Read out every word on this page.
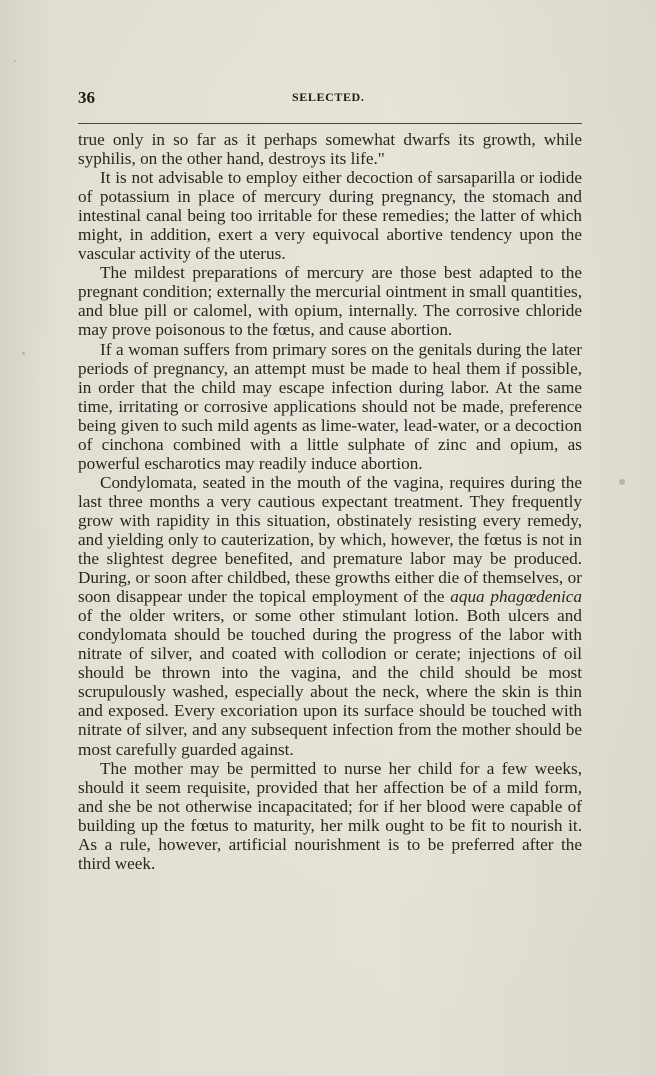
36	SELECTED.

true only in so far as it perhaps somewhat dwarfs its growth, while syphilis, on the other hand, destroys its life."

It is not advisable to employ either decoction of sarsaparilla or iodide of potassium in place of mercury during pregnancy, the stomach and intestinal canal being too irritable for these remedies; the latter of which might, in addition, exert a very equivocal abortive tendency upon the vascular activity of the uterus.

The mildest preparations of mercury are those best adapted to the pregnant condition; externally the mercurial ointment in small quantities, and blue pill or calomel, with opium, internally. The corrosive chloride may prove poisonous to the fœtus, and cause abortion.

If a woman suffers from primary sores on the genitals during the later periods of pregnancy, an attempt must be made to heal them if possible, in order that the child may escape infection during labor. At the same time, irritating or corrosive applications should not be made, preference being given to such mild agents as lime-water, lead-water, or a decoction of cinchona combined with a little sulphate of zinc and opium, as powerful escharotics may readily induce abortion.

Condylomata, seated in the mouth of the vagina, requires during the last three months a very cautious expectant treatment. They frequently grow with rapidity in this situation, obstinately resisting every remedy, and yielding only to cauterization, by which, however, the fœtus is not in the slightest degree benefited, and premature labor may be produced. During, or soon after childbed, these growths either die of themselves, or soon disappear under the topical employment of the aqua phagœdenica of the older writers, or some other stimulant lotion. Both ulcers and condylomata should be touched during the progress of the labor with nitrate of silver, and coated with collodion or cerate; injections of oil should be thrown into the vagina, and the child should be most scrupulously washed, especially about the neck, where the skin is thin and exposed. Every excoriation upon its surface should be touched with nitrate of silver, and any subsequent infection from the mother should be most carefully guarded against.

The mother may be permitted to nurse her child for a few weeks, should it seem requisite, provided that her affection be of a mild form, and she be not otherwise incapacitated; for if her blood were capable of building up the fœtus to maturity, her milk ought to be fit to nourish it. As a rule, however, artificial nourishment is to be preferred after the third week.
